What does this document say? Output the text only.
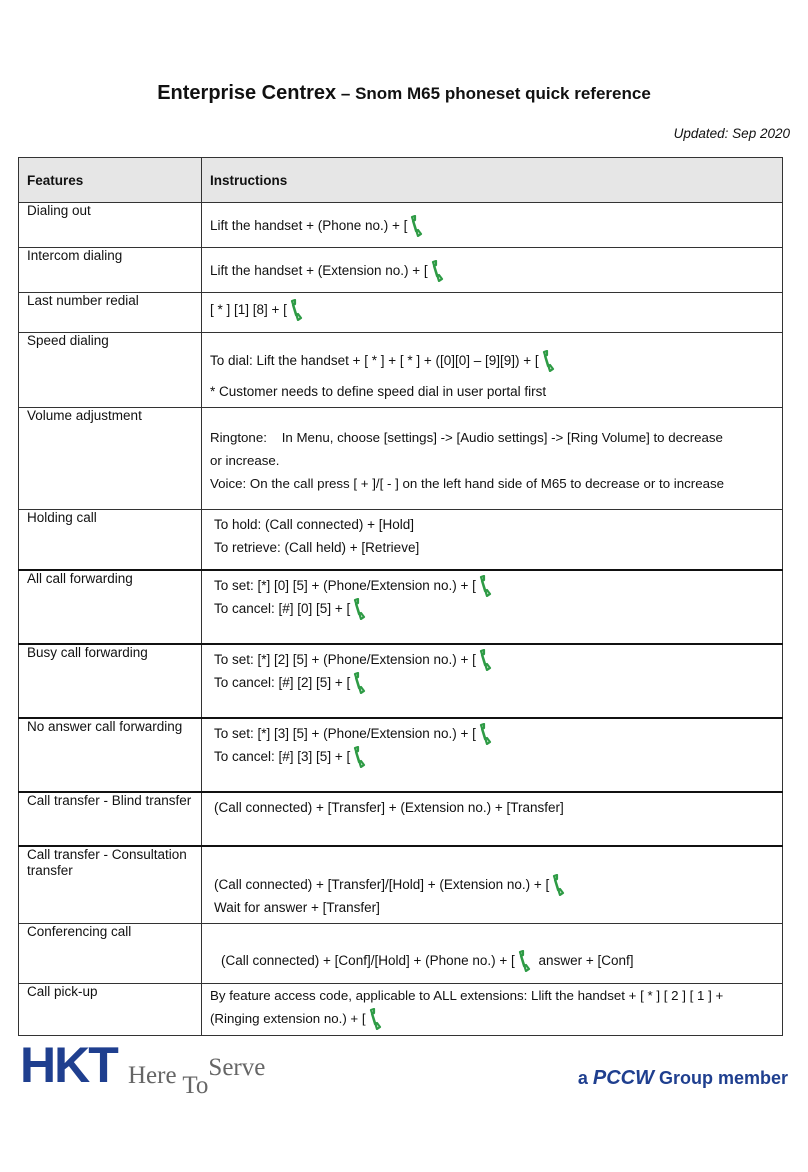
Enterprise Centrex – Snom M65 phoneset quick reference
Updated: Sep 2020
Features	Instructions
Dialing out	Lift the handset + (Phone no.) + [

Intercom dialing	Lift the handset + (Extension no.) + [

Last number redial	[ * ] [1] [8] + [

Speed dialing	To dial: Lift the handset + [ * ] + [ * ] + ([0][0] – [9][9]) + [

* Customer needs to define speed dial in user portal first
Volume adjustment	Ringtone:    In Menu, choose [settings] -> [Audio settings] -> [Ring Volume] to decrease
or increase.
Voice: On the call press [ + ]/[ - ] on the left hand side of M65 to decrease or to increase
Holding call	To hold: (Call connected) + [Hold]
To retrieve: (Call held) + [Retrieve]
All call forwarding	To set: [*] [0] [5] + (Phone/Extension no.) + [

To cancel: [#] [0] [5] + [

Busy call forwarding	To set: [*] [2] [5] + (Phone/Extension no.) + [

To cancel: [#] [2] [5] + [

No answer call forwarding	To set: [*] [3] [5] + (Phone/Extension no.) + [

To cancel: [#] [3] [5] + [

Call transfer - Blind transfer	(Call connected) + [Transfer] + (Extension no.) + [Transfer]
Call transfer - Consultation transfer	(Call connected) + [Transfer]/[Hold] + (Extension no.) + [

Wait for answer + [Transfer]
Conferencing call	(Call connected) + [Conf]/[Hold] + (Phone no.) + [
answer + [Conf]
Call pick-up	By feature access code, applicable to ALL extensions: Llift the handset + [ * ] [ 2 ] [ 1 ] +
(Ringing extension no.) + [
HKT Here ToServe	a PCCW Group member
